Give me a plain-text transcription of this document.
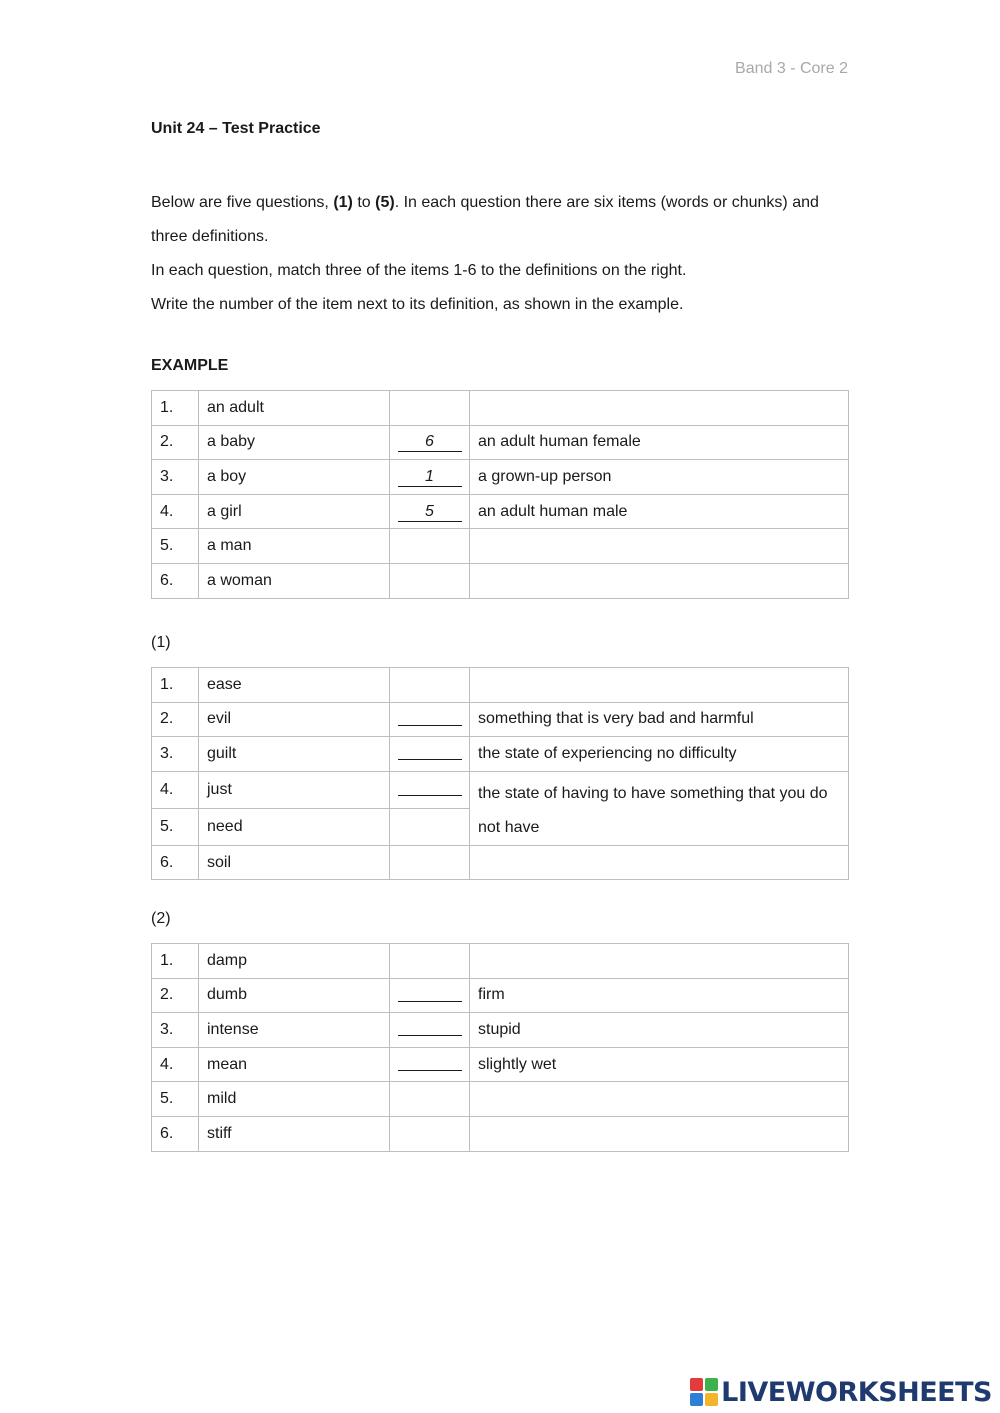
Band 3 - Core 2
Unit 24 – Test Practice

Below are five questions, (1) to (5). In each question there are six items (words or chunks) and three definitions.

In each question, match three of the items 1-6 to the definitions on the right.

Write the number of the item next to its definition, as shown in the example.

EXAMPLE
1.	an adult		
2.	a baby	6	an adult human female
3.	a boy	1	a grown-up person
4.	a girl	5	an adult human male
5.	a man		
6.	a woman		
(1)
1.	ease		
2.	evil		something that is very bad and harmful
3.	guilt		the state of experiencing no difficulty
4.	just		the state of having to have something that you do not have
5.	need		
6.	soil		
(2)
1.	damp		
2.	dumb		firm
3.	intense		stupid
4.	mean		slightly wet
5.	mild		
6.	stiff		
LIVEWORKSHEETS
